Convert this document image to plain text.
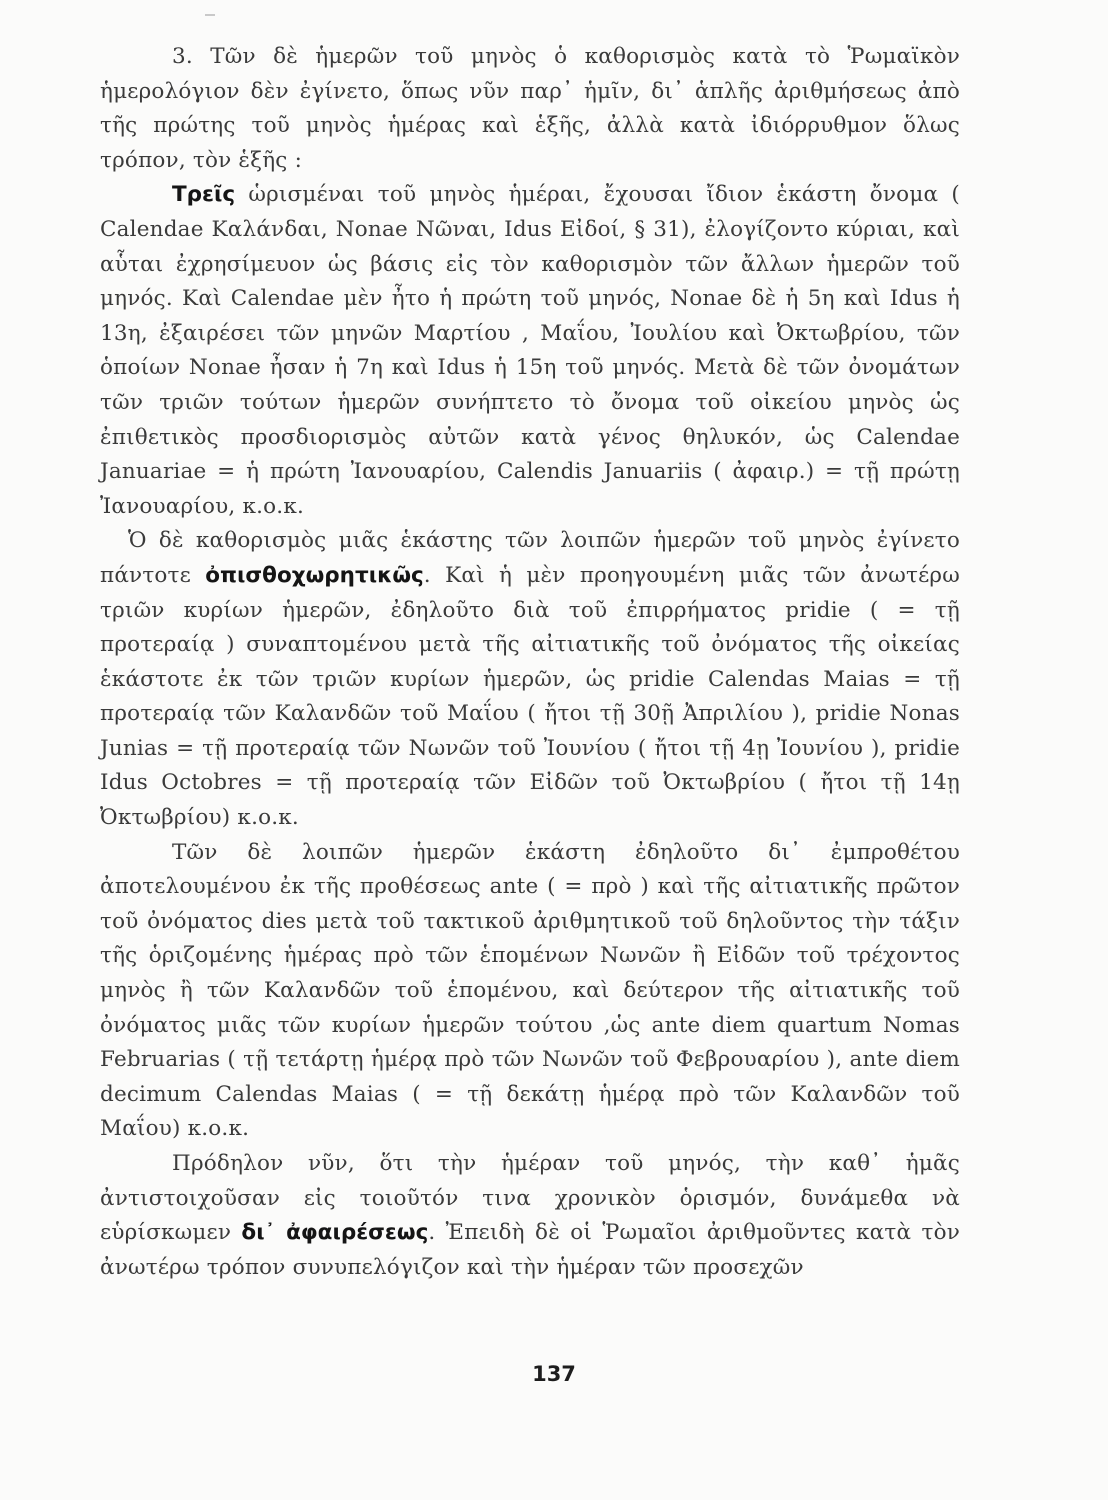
3. Τῶν δὲ ἡμερῶν τοῦ μηνὸς ὁ καθορισμὸς κατὰ τὸ Ῥωμαϊκὸν ἡμερολόγιον δὲν ἐγίνετο, ὅπως νῦν παρ᾿ ἡμῖν, δι᾿ ἁπλῆς ἀριθμήσεως ἀπὸ τῆς πρώτης τοῦ μηνὸς ἡμέρας καὶ ἑξῆς, ἀλλὰ κατὰ ἰδιόρρυθμον ὅλως τρόπον, τὸν ἑξῆς :

Τρεῖς ὡρισμέναι τοῦ μηνὸς ἡμέραι, ἔχουσαι ἴδιον ἑκάστη ὄνομα ( Calendae Καλάνδαι, Nonae Νῶναι, Idus Εἰδοί, § 31), ἐλογίζοντο κύριαι, καὶ αὗται ἐχρησίμευον ὡς βάσις εἰς τὸν καθορισμὸν τῶν ἄλλων ἡμερῶν τοῦ μηνός. Καὶ Calendae μὲν ἦτο ἡ πρώτη τοῦ μηνός, Nonae δὲ ἡ 5η καὶ Idus ἡ 13η, ἐξαιρέσει τῶν μηνῶν Μαρτίου , Μαΐου, Ἰουλίου καὶ Ὀκτωβρίου, τῶν ὁποίων Nonae ἦσαν ἡ 7η καὶ Idus ἡ 15η τοῦ μηνός. Μετὰ δὲ τῶν ὀνομάτων τῶν τριῶν τούτων ἡμερῶν συνήπτετο τὸ ὄνομα τοῦ οἰκείου μηνὸς ὡς ἐπιθετικὸς προσδιορισμὸς αὐτῶν κατὰ γένος θηλυκόν, ὡς Calendae Januariae = ἡ πρώτη Ἰανουαρίου, Calendis Januariis ( ἀφαιρ.) = τῇ πρώτῃ Ἰανουαρίου, κ.ο.κ.

Ὁ δὲ καθορισμὸς μιᾶς ἑκάστης τῶν λοιπῶν ἡμερῶν τοῦ μηνὸς ἐγίνετο πάντοτε ὀπισθοχωρητικῶς. Καὶ ἡ μὲν προηγουμένη μιᾶς τῶν ἀνωτέρω τριῶν κυρίων ἡμερῶν, ἐδηλοῦτο διὰ τοῦ ἐπιρρήματος pridie ( = τῇ προτεραίᾳ ) συναπτομένου μετὰ τῆς αἰτιατικῆς τοῦ ὀνόματος τῆς οἰκείας ἑκάστοτε ἐκ τῶν τριῶν κυρίων ἡμερῶν, ὡς pridie Calendas Maias = τῇ προτεραίᾳ τῶν Καλανδῶν τοῦ Μαΐου ( ἤτοι τῇ 30ῇ Ἀπριλίου ), pridie Nonas Junias = τῇ προτεραίᾳ τῶν Νωνῶν τοῦ Ἰουνίου ( ἤτοι τῇ 4ῃ Ἰουνίου ), pridie Idus Octobres = τῇ προτεραίᾳ τῶν Εἰδῶν τοῦ Ὀκτωβρίου ( ἤτοι τῇ 14ῃ Ὀκτωβρίου) κ.ο.κ.

Τῶν δὲ λοιπῶν ἡμερῶν ἑκάστη ἐδηλοῦτο δι᾿ ἐμπροθέτου ἀποτελουμένου ἐκ τῆς προθέσεως ante ( = πρὸ ) καὶ τῆς αἰτιατικῆς πρῶτον τοῦ ὀνόματος dies μετὰ τοῦ τακτικοῦ ἀριθμητικοῦ τοῦ δηλοῦντος τὴν τάξιν τῆς ὁριζομένης ἡμέρας πρὸ τῶν ἑπομένων Νωνῶν ἢ Εἰδῶν τοῦ τρέχοντος μηνὸς ἢ τῶν Καλανδῶν τοῦ ἑπομένου, καὶ δεύτερον τῆς αἰτιατικῆς τοῦ ὀνόματος μιᾶς τῶν κυρίων ἡμερῶν τούτου ,ὡς ante diem quartum Nomas Februarias ( τῇ τετάρτῃ ἡμέρᾳ πρὸ τῶν Νωνῶν τοῦ Φεβρουαρίου ), ante diem decimum Calendas Maias ( = τῇ δεκάτῃ ἡμέρᾳ πρὸ τῶν Καλανδῶν τοῦ Μαΐου) κ.ο.κ.

Πρόδηλον νῦν, ὅτι τὴν ἡμέραν τοῦ μηνός, τὴν καθ᾿ ἡμᾶς ἀντιστοιχοῦσαν εἰς τοιοῦτόν τινα χρονικὸν ὁρισμόν, δυνάμεθα νὰ εὑρίσκωμεν δι᾿ ἀφαιρέσεως. Ἐπειδὴ δὲ οἱ Ῥωμαῖοι ἀριθμοῦντες κατὰ τὸν ἀνωτέρω τρόπον συνυπελόγιζον καὶ τὴν ἡμέραν τῶν προσεχῶν

137
